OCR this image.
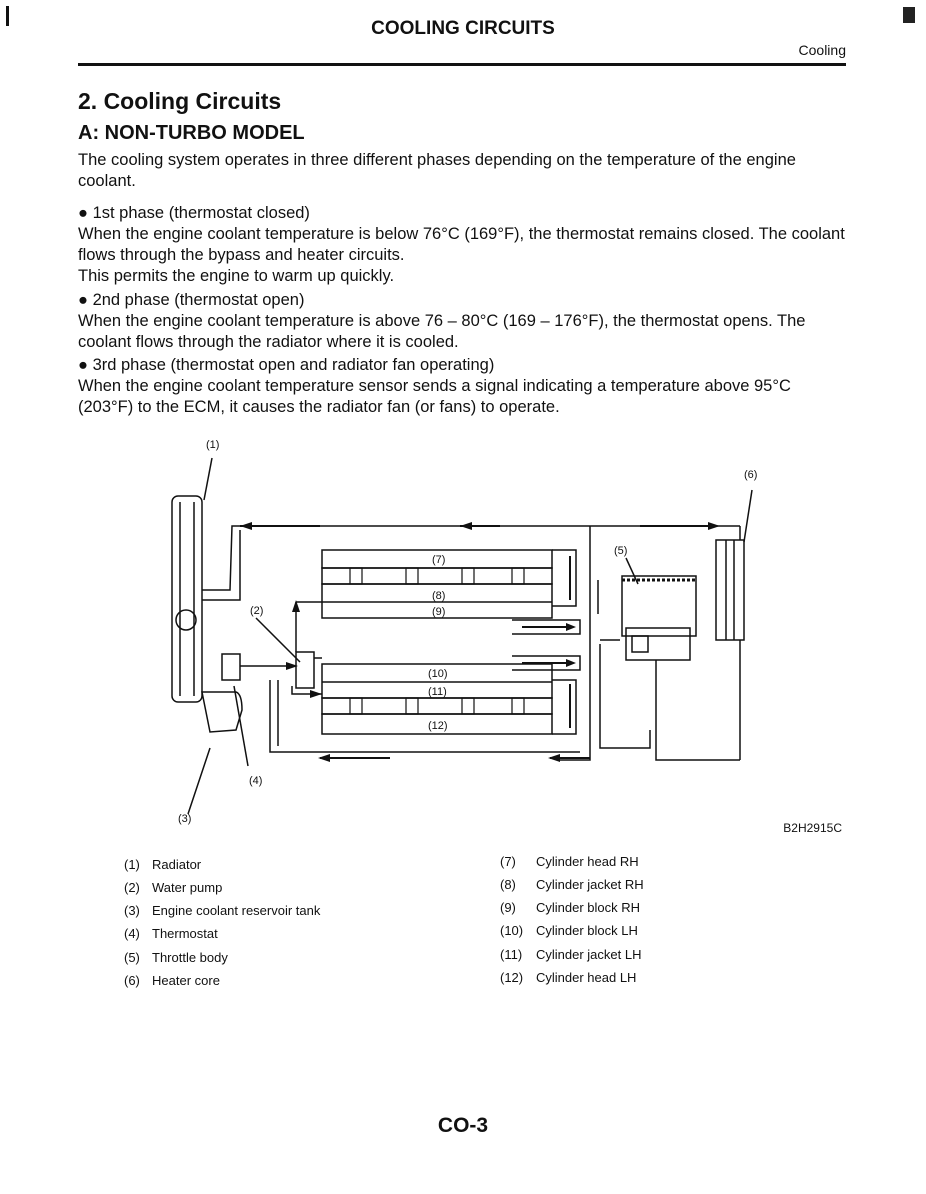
COOLING CIRCUITS
Cooling
2. Cooling Circuits
A: NON-TURBO MODEL
The cooling system operates in three different phases depending on the temperature of the engine coolant.
● 1st phase (thermostat closed)
When the engine coolant temperature is below 76°C (169°F), the thermostat remains closed. The coolant flows through the bypass and heater circuits.
This permits the engine to warm up quickly.
● 2nd phase (thermostat open)
When the engine coolant temperature is above 76 – 80°C (169 – 176°F), the thermostat opens. The coolant flows through the radiator where it is cooled.
● 3rd phase (thermostat open and radiator fan operating)
When the engine coolant temperature sensor sends a signal indicating a temperature above 95°C (203°F) to the ECM, it causes the radiator fan (or fans) to operate.
(1)
(2)
(3)
(4)
(5)
(6)
(7)
(8)
(9)
(10)
(11)
(12)
B2H2915C
(1) Radiator
(2) Water pump
(3) Engine coolant reservoir tank
(4) Thermostat
(5) Throttle body
(6) Heater core
(7)	Cylinder head RH
(8)	Cylinder jacket RH
(9)	Cylinder block RH
(10) Cylinder block LH
(11)	Cylinder jacket LH
(12) Cylinder head LH
CO-3
